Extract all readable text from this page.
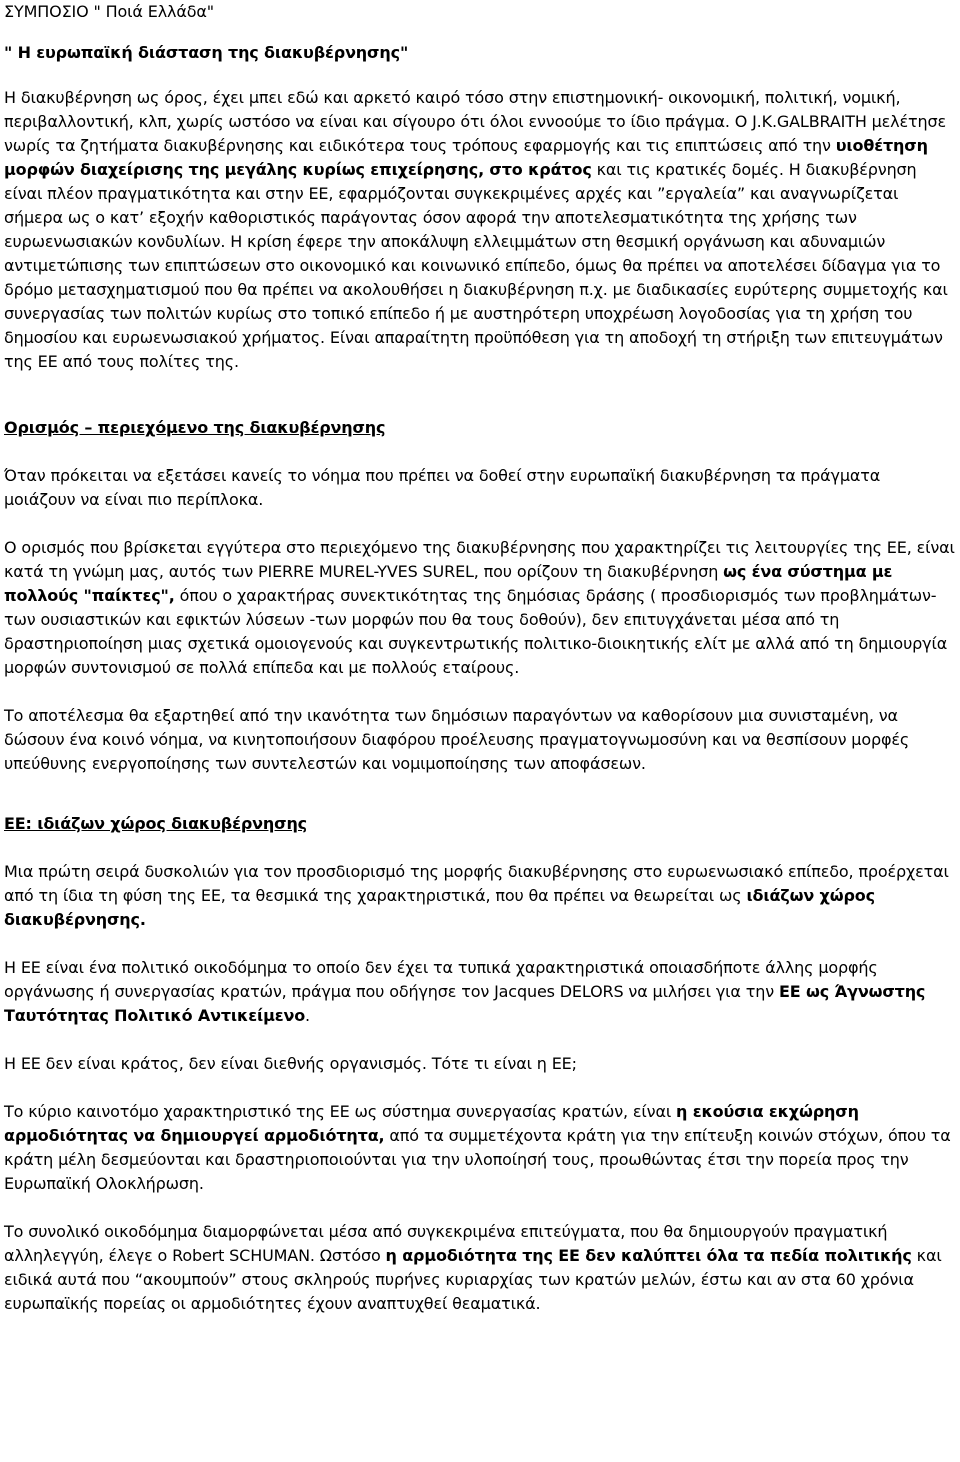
ΣΥΜΠΟΣΙΟ " Ποιά Ελλάδα"

" Η ευρωπαϊκή διάσταση της διακυβέρνησης"

Η διακυβέρνηση ως όρος, έχει μπει εδώ και αρκετό καιρό τόσο στην επιστημονική- οικονομική, πολιτική, νομική, περιβαλλοντική, κλπ, χωρίς ωστόσο να είναι και σίγουρο ότι όλοι εννοούμε το ίδιο πράγμα. Ο J.K.GALBRAITH μελέτησε νωρίς τα ζητήματα διακυβέρνησης και ειδικότερα τους τρόπους εφαρμογής και τις επιπτώσεις από την υιοθέτηση μορφών διαχείρισης της μεγάλης κυρίως επιχείρησης, στο κράτος και τις κρατικές δομές. Η διακυβέρνηση είναι πλέον πραγματικότητα και στην ΕΕ, εφαρμόζονται συγκεκριμένες αρχές και ”εργαλεία” και αναγνωρίζεται σήμερα ως ο κατ’ εξοχήν καθοριστικός παράγοντας όσον αφορά την αποτελεσματικότητα της χρήσης των ευρωενωσιακών κονδυλίων. Η κρίση έφερε την αποκάλυψη ελλειμμάτων στη θεσμική οργάνωση και αδυναμιών αντιμετώπισης των επιπτώσεων στο οικονομικό και κοινωνικό επίπεδο, όμως θα πρέπει να αποτελέσει δίδαγμα για το δρόμο μετασχηματισμού που θα πρέπει να ακολουθήσει η διακυβέρνηση π.χ. με διαδικασίες ευρύτερης συμμετοχής και συνεργασίας των πολιτών κυρίως στο τοπικό επίπεδο ή με αυστηρότερη υποχρέωση λογοδοσίας για τη χρήση του δημοσίου και ευρωενωσιακού χρήματος. Είναι απαραίτητη προϋπόθεση για τη αποδοχή τη στήριξη των επιτευγμάτων της ΕΕ από τους πολίτες της.

Ορισμός – περιεχόμενο της διακυβέρνησης

Όταν πρόκειται να εξετάσει κανείς το νόημα που πρέπει να δοθεί στην ευρωπαϊκή διακυβέρνηση τα πράγματα μοιάζουν να είναι πιο περίπλοκα.

Ο ορισμός που βρίσκεται εγγύτερα στο περιεχόμενο της διακυβέρνησης που χαρακτηρίζει τις λειτουργίες της ΕΕ, είναι κατά τη γνώμη μας, αυτός των PIERRE MUREL-YVES SUREL, που ορίζουν τη διακυβέρνηση ως ένα σύστημα με πολλούς "παίκτες", όπου ο χαρακτήρας συνεκτικότητας της δημόσιας δράσης ( προσδιορισμός των προβλημάτων- των ουσιαστικών και εφικτών λύσεων -των μορφών που θα τους δοθούν), δεν επιτυγχάνεται μέσα από τη δραστηριοποίηση μιας σχετικά ομοιογενούς και συγκεντρωτικής πολιτικο-διοικητικής ελίτ με αλλά από τη δημιουργία μορφών συντονισμού σε πολλά επίπεδα και με πολλούς εταίρους.

Το αποτέλεσμα θα εξαρτηθεί από την ικανότητα των δημόσιων παραγόντων να καθορίσουν μια συνισταμένη, να δώσουν ένα κοινό νόημα, να κινητοποιήσουν διαφόρου προέλευσης πραγματογνωμοσύνη και να θεσπίσουν μορφές υπεύθυνης ενεργοποίησης των συντελεστών και νομιμοποίησης των αποφάσεων.

ΕΕ: ιδιάζων χώρος διακυβέρνησης

Μια πρώτη σειρά δυσκολιών για τον προσδιορισμό της μορφής διακυβέρνησης στο ευρωενωσιακό επίπεδο, προέρχεται από τη ίδια τη φύση της ΕΕ, τα θεσμικά της χαρακτηριστικά, που θα πρέπει να θεωρείται ως ιδιάζων χώρος διακυβέρνησης.

Η ΕΕ είναι ένα πολιτικό οικοδόμημα το οποίο δεν έχει τα τυπικά χαρακτηριστικά οποιασδήποτε άλλης μορφής οργάνωσης ή συνεργασίας κρατών, πράγμα που οδήγησε τον Jacques DELORS να μιλήσει για την ΕΕ ως Άγνωστης Ταυτότητας Πολιτικό Αντικείμενο.

Η ΕΕ δεν είναι κράτος, δεν είναι διεθνής οργανισμός. Τότε τι είναι η ΕΕ;

Το κύριο καινοτόμο χαρακτηριστικό της ΕΕ ως σύστημα συνεργασίας κρατών, είναι η εκούσια εκχώρηση αρμοδιότητας να δημιουργεί αρμοδιότητα, από τα συμμετέχοντα κράτη για την επίτευξη κοινών στόχων, όπου τα κράτη μέλη δεσμεύονται και δραστηριοποιούνται για την υλοποίησή τους, προωθώντας έτσι την πορεία προς την Ευρωπαϊκή Ολοκλήρωση.

Το συνολικό οικοδόμημα διαμορφώνεται μέσα από συγκεκριμένα επιτεύγματα, που θα δημιουργούν πραγματική αλληλεγγύη, έλεγε ο Robert SCHUMAN. Ωστόσο η αρμοδιότητα της ΕΕ δεν καλύπτει όλα τα πεδία πολιτικής και ειδικά αυτά που “ακουμπούν” στους σκληρούς πυρήνες κυριαρχίας των κρατών μελών, έστω και αν στα 60 χρόνια ευρωπαϊκής πορείας οι αρμοδιότητες έχουν αναπτυχθεί θεαματικά.
